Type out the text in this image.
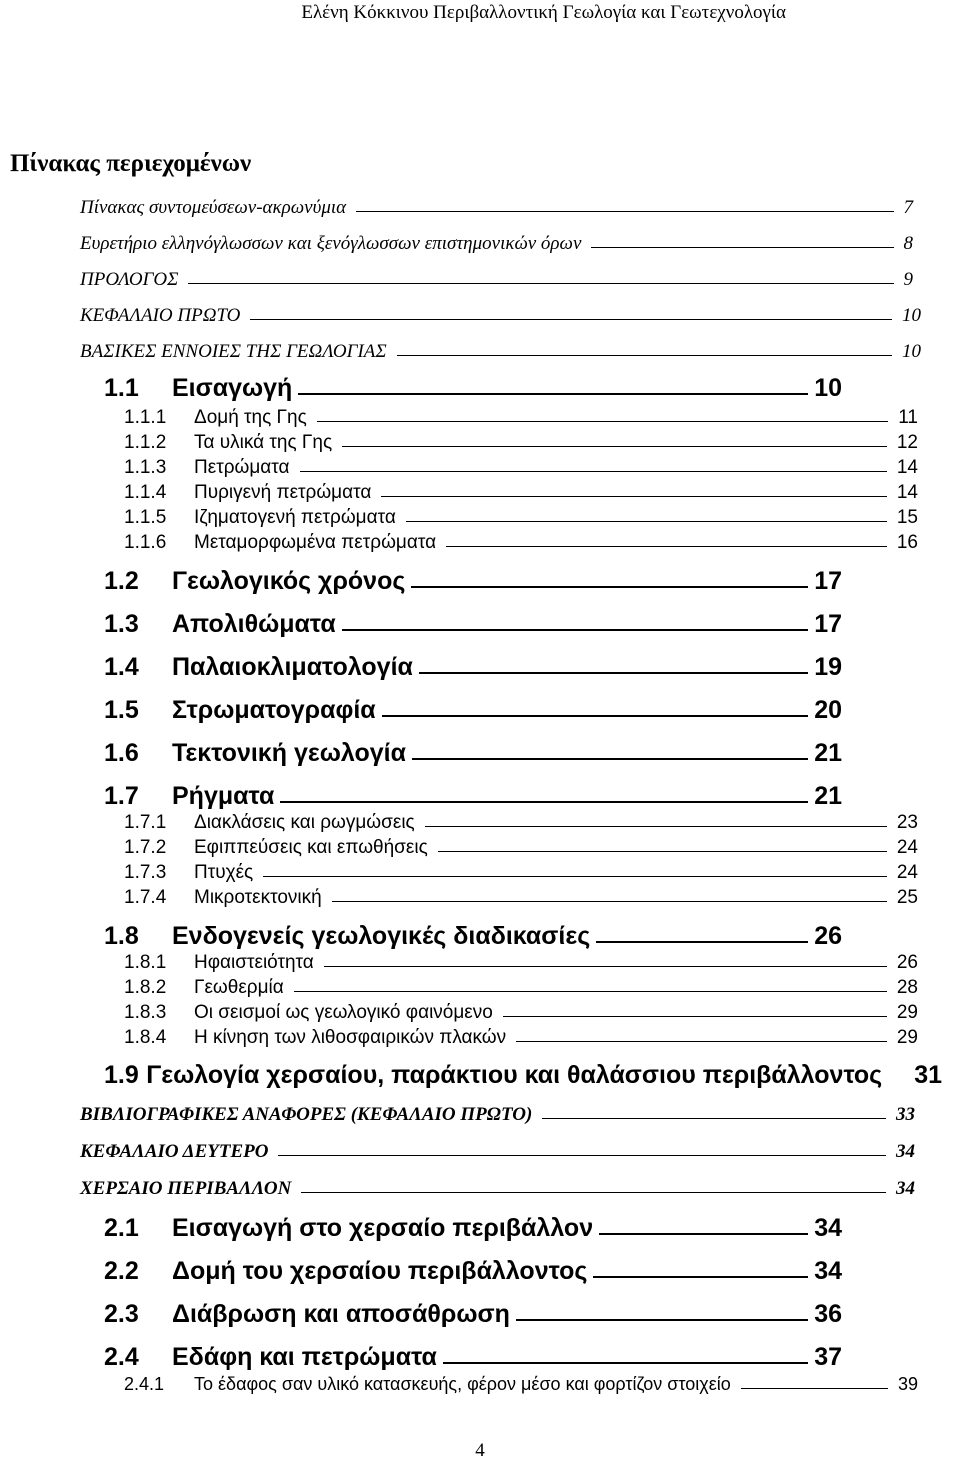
Ελένη Κόκκινου Περιβαλλοντική Γεωλογία και Γεωτεχνολογία
Πίνακας περιεχομένων
Πίνακας συντομεύσεων-ακρωνύμια	7
Ευρετήριο ελληνόγλωσσων και ξενόγλωσσων επιστημονικών όρων	8
ΠΡΟΛΟΓΟΣ	9
ΚΕΦΑΛΑΙΟ ΠΡΩΤΟ	10
ΒΑΣΙΚΕΣ ΕΝΝΟΙΕΣ ΤΗΣ ΓΕΩΛΟΓΙΑΣ	10
1.1	Εισαγωγή	10
1.1.1	Δομή της Γης	11
1.1.2	Τα υλικά της Γης	12
1.1.3	Πετρώματα	14
1.1.4	Πυριγενή πετρώματα	14
1.1.5	Ιζηματογενή πετρώματα	15
1.1.6	Μεταμορφωμένα πετρώματα	16
1.2	Γεωλογικός χρόνος	17
1.3	Απολιθώματα	17
1.4	Παλαιοκλιματολογία	19
1.5	Στρωματογραφία	20
1.6	Τεκτονική γεωλογία	21
1.7	Ρήγματα	21
1.7.1	Διακλάσεις και ρωγμώσεις	23
1.7.2	Εφιππεύσεις και επωθήσεις	24
1.7.3	Πτυχές	24
1.7.4	Μικροτεκτονική	25
1.8	Ενδογενείς γεωλογικές διαδικασίες	26
1.8.1	Ηφαιστειότητα	26
1.8.2	Γεωθερμία	28
1.8.3	Οι σεισμοί ως γεωλογικό φαινόμενο	29
1.8.4	Η κίνηση των λιθοσφαιρικών πλακών	29
1.9 Γεωλογία χερσαίου, παράκτιου και θαλάσσιου περιβάλλοντος 31
ΒΙΒΛΙΟΓΡΑΦΙΚΕΣ ΑΝΑΦΟΡΕΣ (ΚΕΦΑΛΑΙΟ ΠΡΩΤΟ)	33
ΚΕΦΑΛΑΙΟ ΔΕΥΤΕΡΟ	34
ΧΕΡΣΑΙΟ ΠΕΡΙΒΑΛΛΟΝ	34
2.1	Εισαγωγή στο χερσαίο περιβάλλον	34
2.2	Δομή του χερσαίου περιβάλλοντος	34
2.3	Διάβρωση και αποσάθρωση	36
2.4	Εδάφη και πετρώματα	37
2.4.1	Το έδαφος σαν υλικό κατασκευής, φέρον μέσο και φορτίζον στοιχείο	39
4
